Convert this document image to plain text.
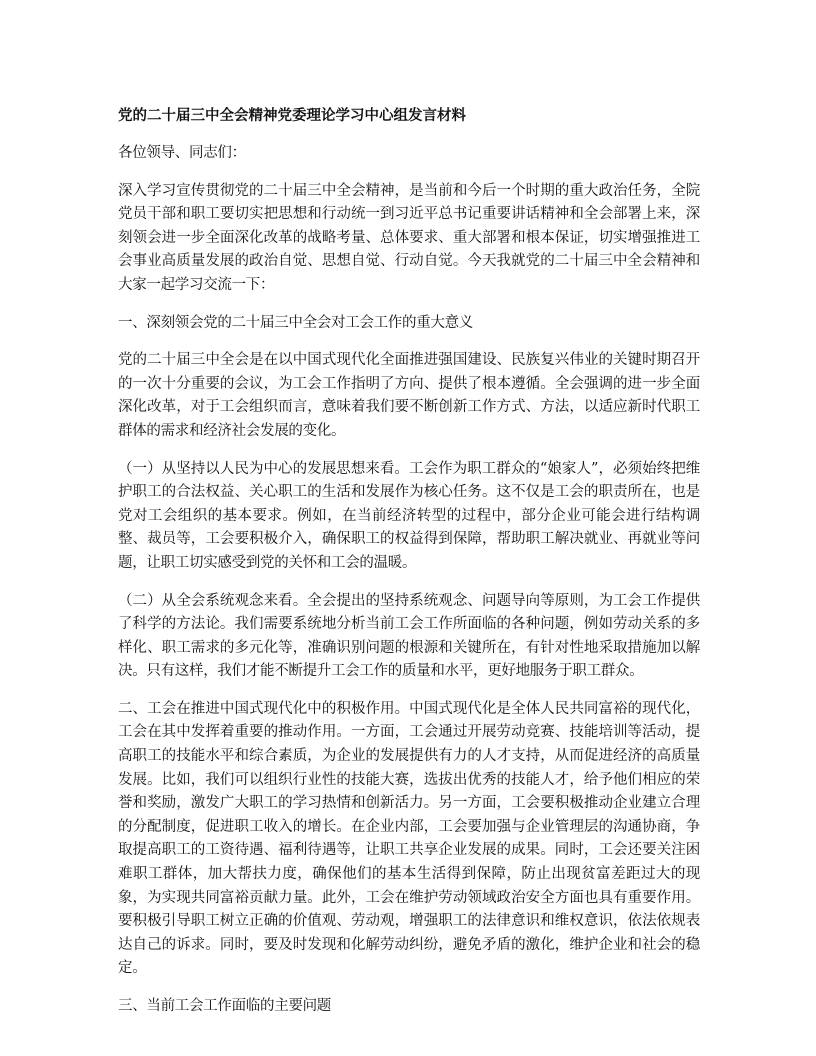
党的二十届三中全会精神党委理论学习中心组发言材料

各位领导、同志们：

深入学习宣传贯彻党的二十届三中全会精神，是当前和今后一个时期的重大政治任务，全院党员干部和职工要切实把思想和行动统一到习近平总书记重要讲话精神和全会部署上来，深刻领会进一步全面深化改革的战略考量、总体要求、重大部署和根本保证，切实增强推进工会事业高质量发展的政治自觉、思想自觉、行动自觉。今天我就党的二十届三中全会精神和大家一起学习交流一下：

一、深刻领会党的二十届三中全会对工会工作的重大意义

党的二十届三中全会是在以中国式现代化全面推进强国建设、民族复兴伟业的关键时期召开的一次十分重要的会议，为工会工作指明了方向、提供了根本遵循。全会强调的进一步全面深化改革，对于工会组织而言，意味着我们要不断创新工作方式、方法，以适应新时代职工群体的需求和经济社会发展的变化。

（一）从坚持以人民为中心的发展思想来看。工会作为职工群众的“娘家人”，必须始终把维护职工的合法权益、关心职工的生活和发展作为核心任务。这不仅是工会的职责所在，也是党对工会组织的基本要求。例如，在当前经济转型的过程中，部分企业可能会进行结构调整、裁员等，工会要积极介入，确保职工的权益得到保障，帮助职工解决就业、再就业等问题，让职工切实感受到党的关怀和工会的温暖。

（二）从全会系统观念来看。全会提出的坚持系统观念、问题导向等原则，为工会工作提供了科学的方法论。我们需要系统地分析当前工会工作所面临的各种问题，例如劳动关系的多样化、职工需求的多元化等，准确识别问题的根源和关键所在，有针对性地采取措施加以解决。只有这样，我们才能不断提升工会工作的质量和水平，更好地服务于职工群众。

二、工会在推进中国式现代化中的积极作用。中国式现代化是全体人民共同富裕的现代化，工会在其中发挥着重要的推动作用。一方面，工会通过开展劳动竞赛、技能培训等活动，提高职工的技能水平和综合素质，为企业的发展提供有力的人才支持，从而促进经济的高质量发展。比如，我们可以组织行业性的技能大赛，选拔出优秀的技能人才，给予他们相应的荣誉和奖励，激发广大职工的学习热情和创新活力。另一方面，工会要积极推动企业建立合理的分配制度，促进职工收入的增长。在企业内部，工会要加强与企业管理层的沟通协商，争取提高职工的工资待遇、福利待遇等，让职工共享企业发展的成果。同时，工会还要关注困难职工群体，加大帮扶力度，确保他们的基本生活得到保障，防止出现贫富差距过大的现象，为实现共同富裕贡献力量。此外，工会在维护劳动领域政治安全方面也具有重要作用。要积极引导职工树立正确的价值观、劳动观，增强职工的法律意识和维权意识，依法依规表达自己的诉求。同时，要及时发现和化解劳动纠纷，避免矛盾的激化，维护企业和社会的稳定。

三、当前工会工作面临的主要问题
